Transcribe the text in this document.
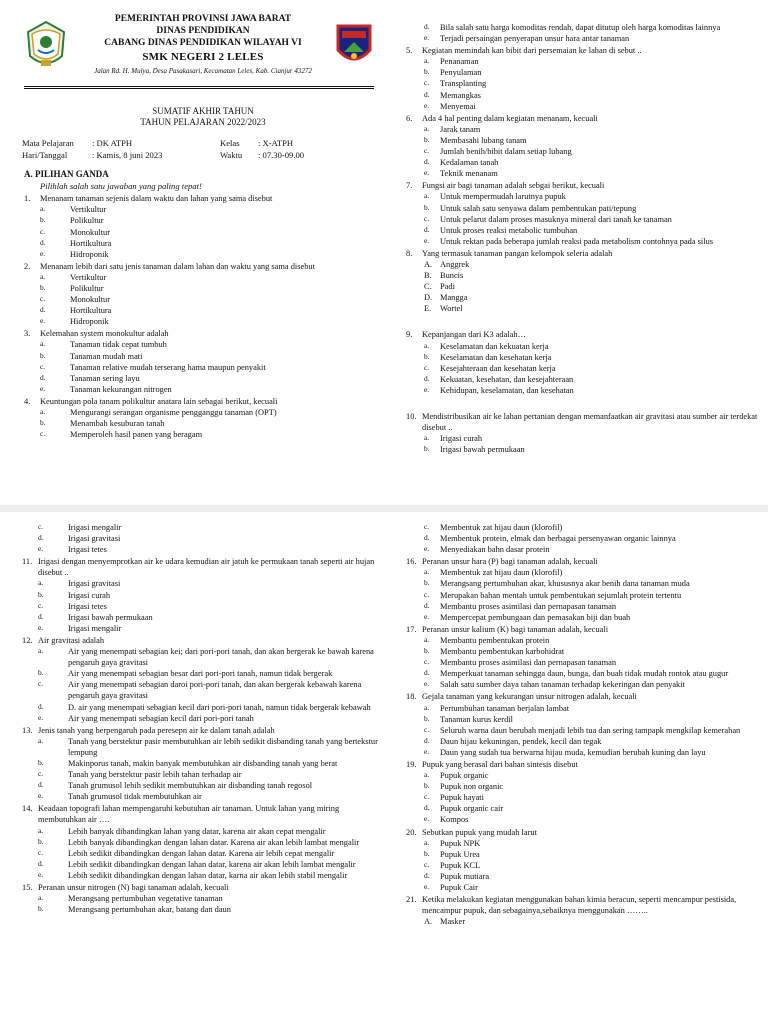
PEMERINTAH PROVINSI JAWA BARAT
DINAS PENDIDIKAN
CABANG DINAS PENDIDIKAN WILAYAH VI
SMK NEGERI 2 LELES
Jalan Rd. H. Mulya, Desa Pasakasari, Kecamatan Leles, Kab. Cianjur 43272
SUMATIF AKHIR TAHUN
TAHUN PELAJARAN 2022/2023
Mata Pelajaran : DK ATPH	Kelas : X-ATPH
Hari/Tanggal	: Kamis, 8 juni 2023	Waktu : 07.30-09.00
A. PILIHAN GANDA
Pilihlah salah satu jawaban yang paling tepat!
1. Menanam tanaman sejenis dalam waktu dan lahan yang sama disebut
a.	Vertikultur
b.	Polikultur
c.	Monokultur
d.	Hortikultura
e.	Hidroponik
2. Menanam lebih dari satu jenis tanaman dalam lahan dan waktu yang sama disebut
a.	Vertikultur
b.	Polikultur
c.	Monokultur
d.	Hortikultura
e.	Hidroponik
3. Kelemahan system monokultur adalah
a.	Tanaman tidak cepat tumbuh
b.	Tanaman mudah mati
c.	Tanaman relative mudah terserang hama maupun penyakit
d.	Tanaman sering layu
e.	Tanaman kekurangan nitrogen
4. Keuntungan pola tanam polikultur anatara lain sebagai berikut, kecuali
a.	Mengurangi serangan organisme pengganggu tanaman (OPT)
b.	Menambah kesuburan tanah
c.	Memperoleh hasil panen yang beragam
d. Bila salah satu harga komoditas rendah, dapat ditutup oleh harga komoditas lainnya
e. Terjadi persaingan penyerapan unsur hara antar tanaman
5. Kegiatan memindah kan bibit dari persemaian ke lahan di sebut ..
a. Penanaman
b. Penyulaman
c. Transplanting
d. Memangkas
e. Menyemai
6. Ada 4 hal penting dalam kegiatan menanam, kecuali
a. Jarak tanam
b. Membasahi lubang tanam
c. Jumlah benih/bibit dalam setiap lubang
d. Kedalaman tanah
e. Teknik menanam
7. Fungsi air bagi tanaman adalah sebgai berikut, kecuali
a. Untuk mempermudah larutnya pupuk
b. Untuk salah satu senyawa dalam pembentukan pati/tepung
c. Untuk pelarut dalam proses masuknya mineral dari tanah ke tanaman
d. Untuk proses reaksi metabolic tumbuhan
e. Untuk rektan pada beberapa jumlah reaksi pada metabolism contohnya pada silus
8. Yang termasuk tanaman pangan kelompok seleria adalah
A. Anggrek
B. Buncis
C. Padi
D. Mangga
E. Wortel
9. Kepanjangan dari K3 adalah…
a. Keselamatan dan kekuatan kerja
b. Keselamatan dan kesehatan kerja
c. Kesejahteraan dan kesehatan kerja
d. Kekuatan, kesehatan, dan kesejahteraan
e. Kehidupan, keselamatan, dan kesehatan
10. Mendistribusikan air ke lahan pertanian dengan memanfaatkan air gravitasi atau sumber air terdekat disebut ..
a. Irigasi curah
b. Irigasi bawah permukaan
c.	Irigasi mengalir
d.	Irigasi gravitasi
e.	Irigasi tetes
11. Irigasi dengan menyemprotkan air ke udara kemudian air jatuh ke permukaan tanah seperti air hujan disebut ..
a.	Irigasi gravitasi
b.	Irigasi curah
c.	Irigasi tetes
d.	Irigasi bawah permukaan
e.	Irigasi mengalir
12. Air gravitasi adalah
a.	Air yang menempati sebagian kei; dari pori-pori tanah, dan akan bergerak ke bawah karena pengaruh gaya gravitasi
b.	Air yang menempati sebagian besar dari pori-pori tanah, namun tidak bergerak
c.	Air yang menempati sebagian daroi pori-pori tanah, dan akan bergerak kebawah karena pengaruh gaya gravitasi
d.	D. air yang menempati sebagian kecil dari pori-pori tanah, namun tidak bergerak kebawah
e.	Air yang menempati sebagian kecil dari pori-pori tanah
13. Jenis tanah yang berpengaruh pada peresepn air ke dalam tanah adalah
a.	Tanah yang berstektur pasir membutuhkan air lebih sedikit disbanding tanah yang bertekstur lempung
b.	Makinporus tanah, makin banyak membutuhkan air disbanding tanah yang berat
c.	Tanah yang berstektur pasir lebih tahan terhadap air
d.	Tanah grumusol lebih sedikit membutuhkan air disbanding tanah regosol
e.	Tanah grumusol tidak membutuhkan air
14. Keadaan topografi lahan mempengaruhi kebutuhan air tanaman. Untuk lahan yang miring membutuhkan air ….
a.	Lebih banyak dibandingkan lahan yang datar, karena air akan cepat mengalir
b.	Lebih banyak dibandingkan dengan lahan datar. Karena air akan lebih lambat mengalir
c.	Lebih sedikit dibandingkan dengan lahan datar. Karena air lebih cepat mengalir
d.	Lebih sedikit dibandingkan dengan lahan datar, karena air akan lebih lambat mengalir
e.	Lebih sedikit dibandingkan dengan lahan datar, karna air akan lebih stabil mengalir
15. Peranan unsur nitrogen (N) bagi tanaman adalah, kecuali
a.	Merangsang pertumbuhan vegetative tanaman
b.	Merangsang pertumbuhan akar, batang dan daun
c. Membentuk zat hijau daun (klorofil)
d. Membentuk protein, elmak dan berbagai persenyawan organic lainnya
e. Menyediakan bahn dasar protein
16. Peranan unsur hara (P) bagi tanaman adalah, kecuali
a. Membentuk zat hijau daun (klorofil)
b. Merangsang pertumbuhan akar, khususnya akar benih dana tanaman muda
c. Merupakan bahan mentah untuk pembentukan sejumlah protein tertentu
d. Membantu proses asimilasi dan pernapasan tanaman
e. Mempercepat pembungaan dan pemasakan biji dan buah
17. Peranan unsur kalium (K) bagi tanaman adalah, kecuali
a. Membantu pembentukan protein
b. Membantu pembentukan karbohidrat
c. Membantu proses asimilasi dan pernapasan tanaman
d. Memperkuat tanaman sehingga daun, bunga, dan buah tidak mudah rontok atau gugur
e. Salah satu sumber daya tahan tanaman terhadap kekeringan dan penyakit
18. Gejala tanaman yang kekurangan unsur nitrogen adalah, kecuali
a. Pertumbuhan tanaman berjalan lambat
b. Tanaman kurus kerdil
c. Seluruh warna daun berubah menjadi lebih tua dan sering tampapk mengkilap kemerahan
d. Daun hijau kekuningan, pendek, kecil dan tegak
e. Daun yang sudah tua berwarna hijau muda, kemudian berubah kuning dan layu
19. Pupuk yang berasal dari bahan sintesis disebut
a. Pupuk organic
b. Pupuk non organic
c. Pupuk hayati
d. Pupuk organic cair
e. Kompos
20. Sebutkan pupuk yang mudah larut
a. Pupuk NPK
b. Pupuk Urea
c. Pupuk KCL
d. Pupuk mutiara
e. Pupuk Cair
21. Ketika melakukan kegiatan menggunakan bahan kimia beracun, seperti mencampur pestisida, mencampur pupuk, dan sebagainya,sebaiknya menggunakan ……..
A. Masker
